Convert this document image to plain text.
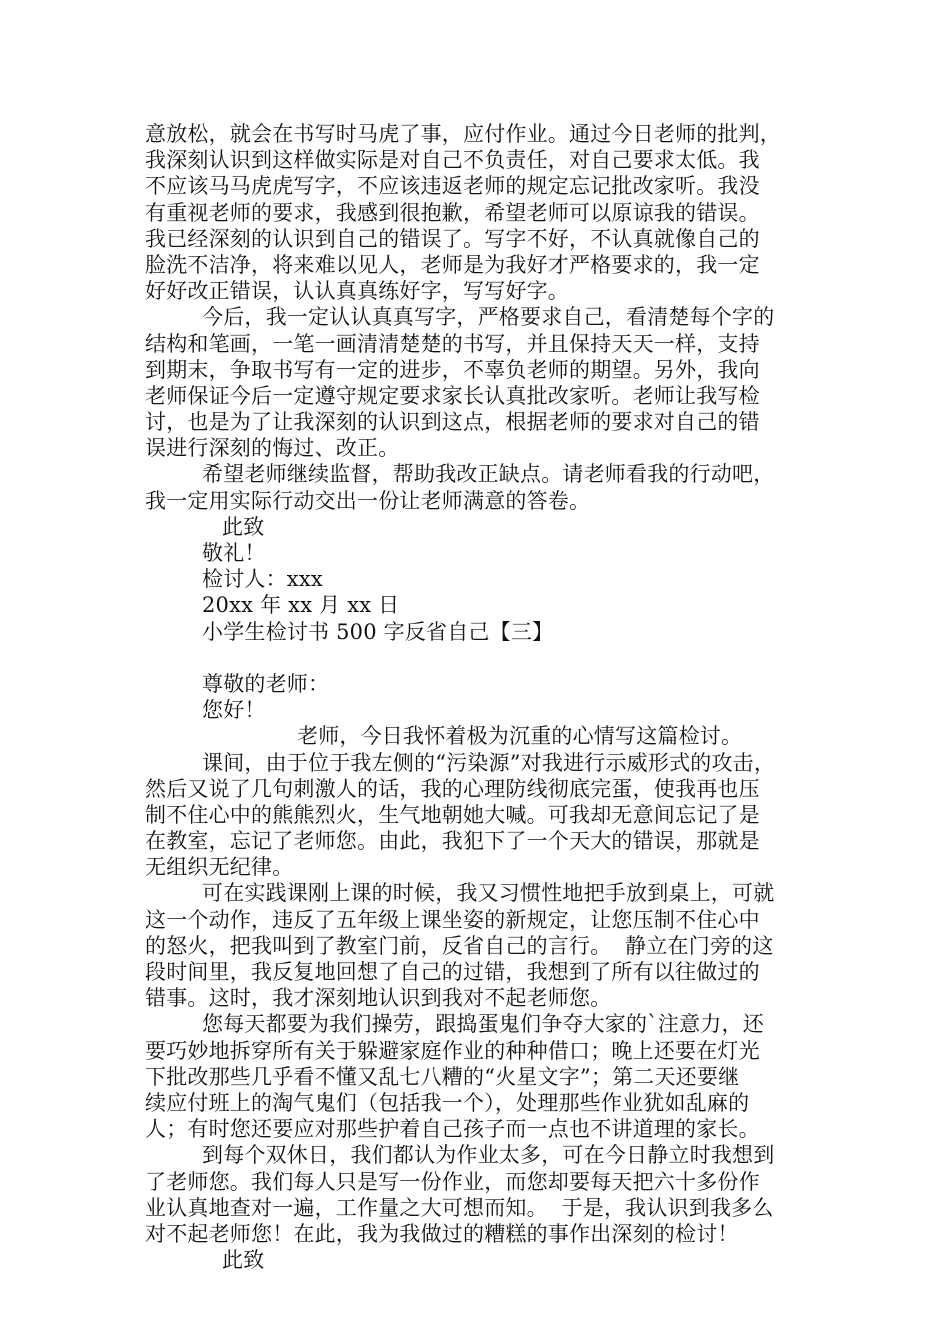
意放松，就会在书写时马虎了事，应付作业。通过今日老师的批判，
我深刻认识到这样做实际是对自己不负责任，对自己要求太低。我
不应该马马虎虎写字，不应该违返老师的规定忘记批改家听。我没
有重视老师的要求，我感到很抱歉，希望老师可以原谅我的错误。
我已经深刻的认识到自己的错误了。写字不好，不认真就像自己的
脸洗不洁净，将来难以见人，老师是为我好才严格要求的，我一定
好好改正错误，认认真真练好字，写写好字。
今后，我一定认认真真写字，严格要求自己，看清楚每个字的
结构和笔画，一笔一画清清楚楚的书写，并且保持天天一样，支持
到期末，争取书写有一定的进步，不辜负老师的期望。另外，我向
老师保证今后一定遵守规定要求家长认真批改家听。老师让我写检
讨，也是为了让我深刻的认识到这点，根据老师的要求对自己的错
误进行深刻的悔过、改正。
希望老师继续监督，帮助我改正缺点。请老师看我的行动吧，
我一定用实际行动交出一份让老师满意的答卷。
此致
敬礼！
检讨人：xxx
20xx 年 xx 月 xx 日
小学生检讨书 500 字反省自己【三】
尊敬的老师：
您好！
老师，今日我怀着极为沉重的心情写这篇检讨。
课间，由于位于我左侧的“污染源”对我进行示威形式的攻击，
然后又说了几句刺激人的话，我的心理防线彻底完蛋，使我再也压
制不住心中的熊熊烈火，生气地朝她大喊。可我却无意间忘记了是
在教室，忘记了老师您。由此，我犯下了一个天大的错误，那就是
无组织无纪律。
可在实践课刚上课的时候，我又习惯性地把手放到桌上，可就
这一个动作，违反了五年级上课坐姿的新规定，让您压制不住心中
的怒火，把我叫到了教室门前，反省自己的言行。  静立在门旁的这
段时间里，我反复地回想了自己的过错，我想到了所有以往做过的
错事。这时，我才深刻地认识到我对不起老师您。
您每天都要为我们操劳，跟捣蛋鬼们争夺大家的`注意力，还
要巧妙地拆穿所有关于躲避家庭作业的种种借口；晚上还要在灯光
下批改那些几乎看不懂又乱七八糟的“火星文字”；第二天还要继
续应付班上的淘气鬼们（包括我一个），处理那些作业犹如乱麻的
人；有时您还要应对那些护着自己孩子而一点也不讲道理的家长。
到每个双休日，我们都认为作业太多，可在今日静立时我想到
了老师您。我们每人只是写一份作业，而您却要每天把六十多份作
业认真地查对一遍，工作量之大可想而知。  于是，我认识到我多么
对不起老师您！在此，我为我做过的糟糕的事作出深刻的检讨！
此致
